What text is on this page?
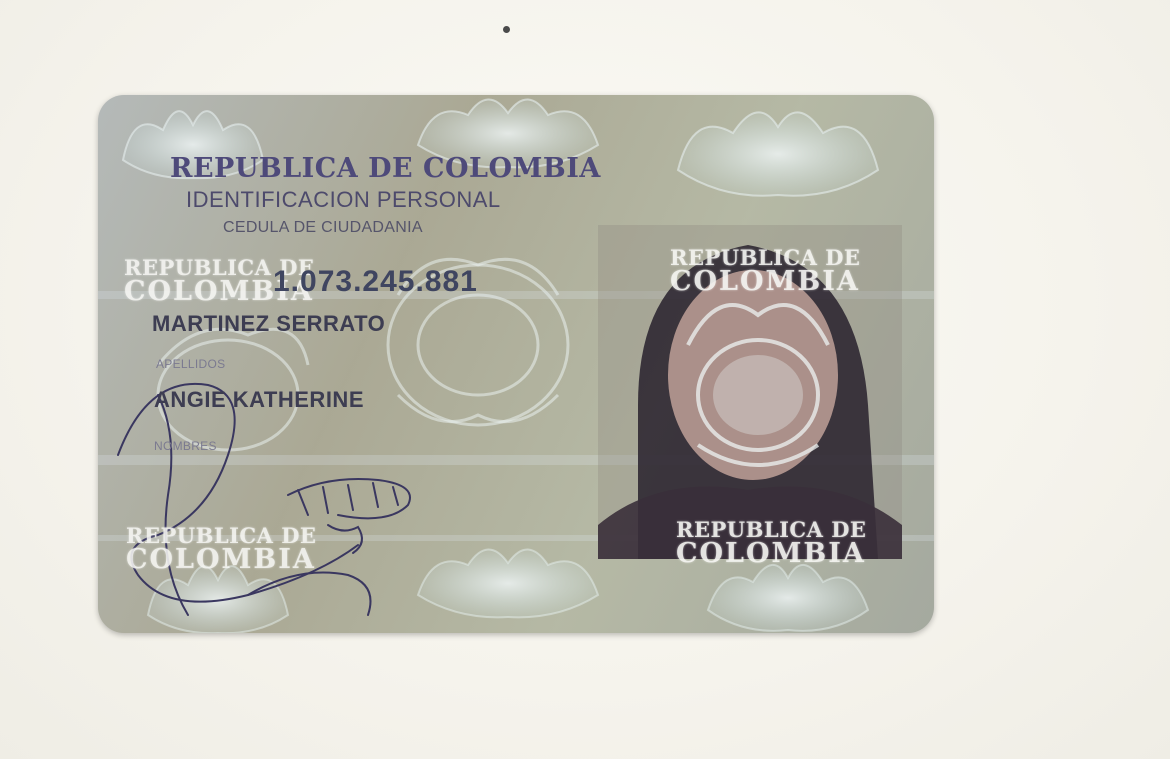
REPUBLICA DE COLOMBIA

IDENTIFICACION PERSONAL

CEDULA DE CIUDADANIA

REPUBLICA DE
COLOMBIA

1.073.245.881

MARTINEZ SERRATO

APELLIDOS

ANGIE KATHERINE

NOMBRES

REPUBLICA DE
COLOMBIA
REPUBLICA DE
COLOMBIA
REPUBLICA DE
COLOMBIA
